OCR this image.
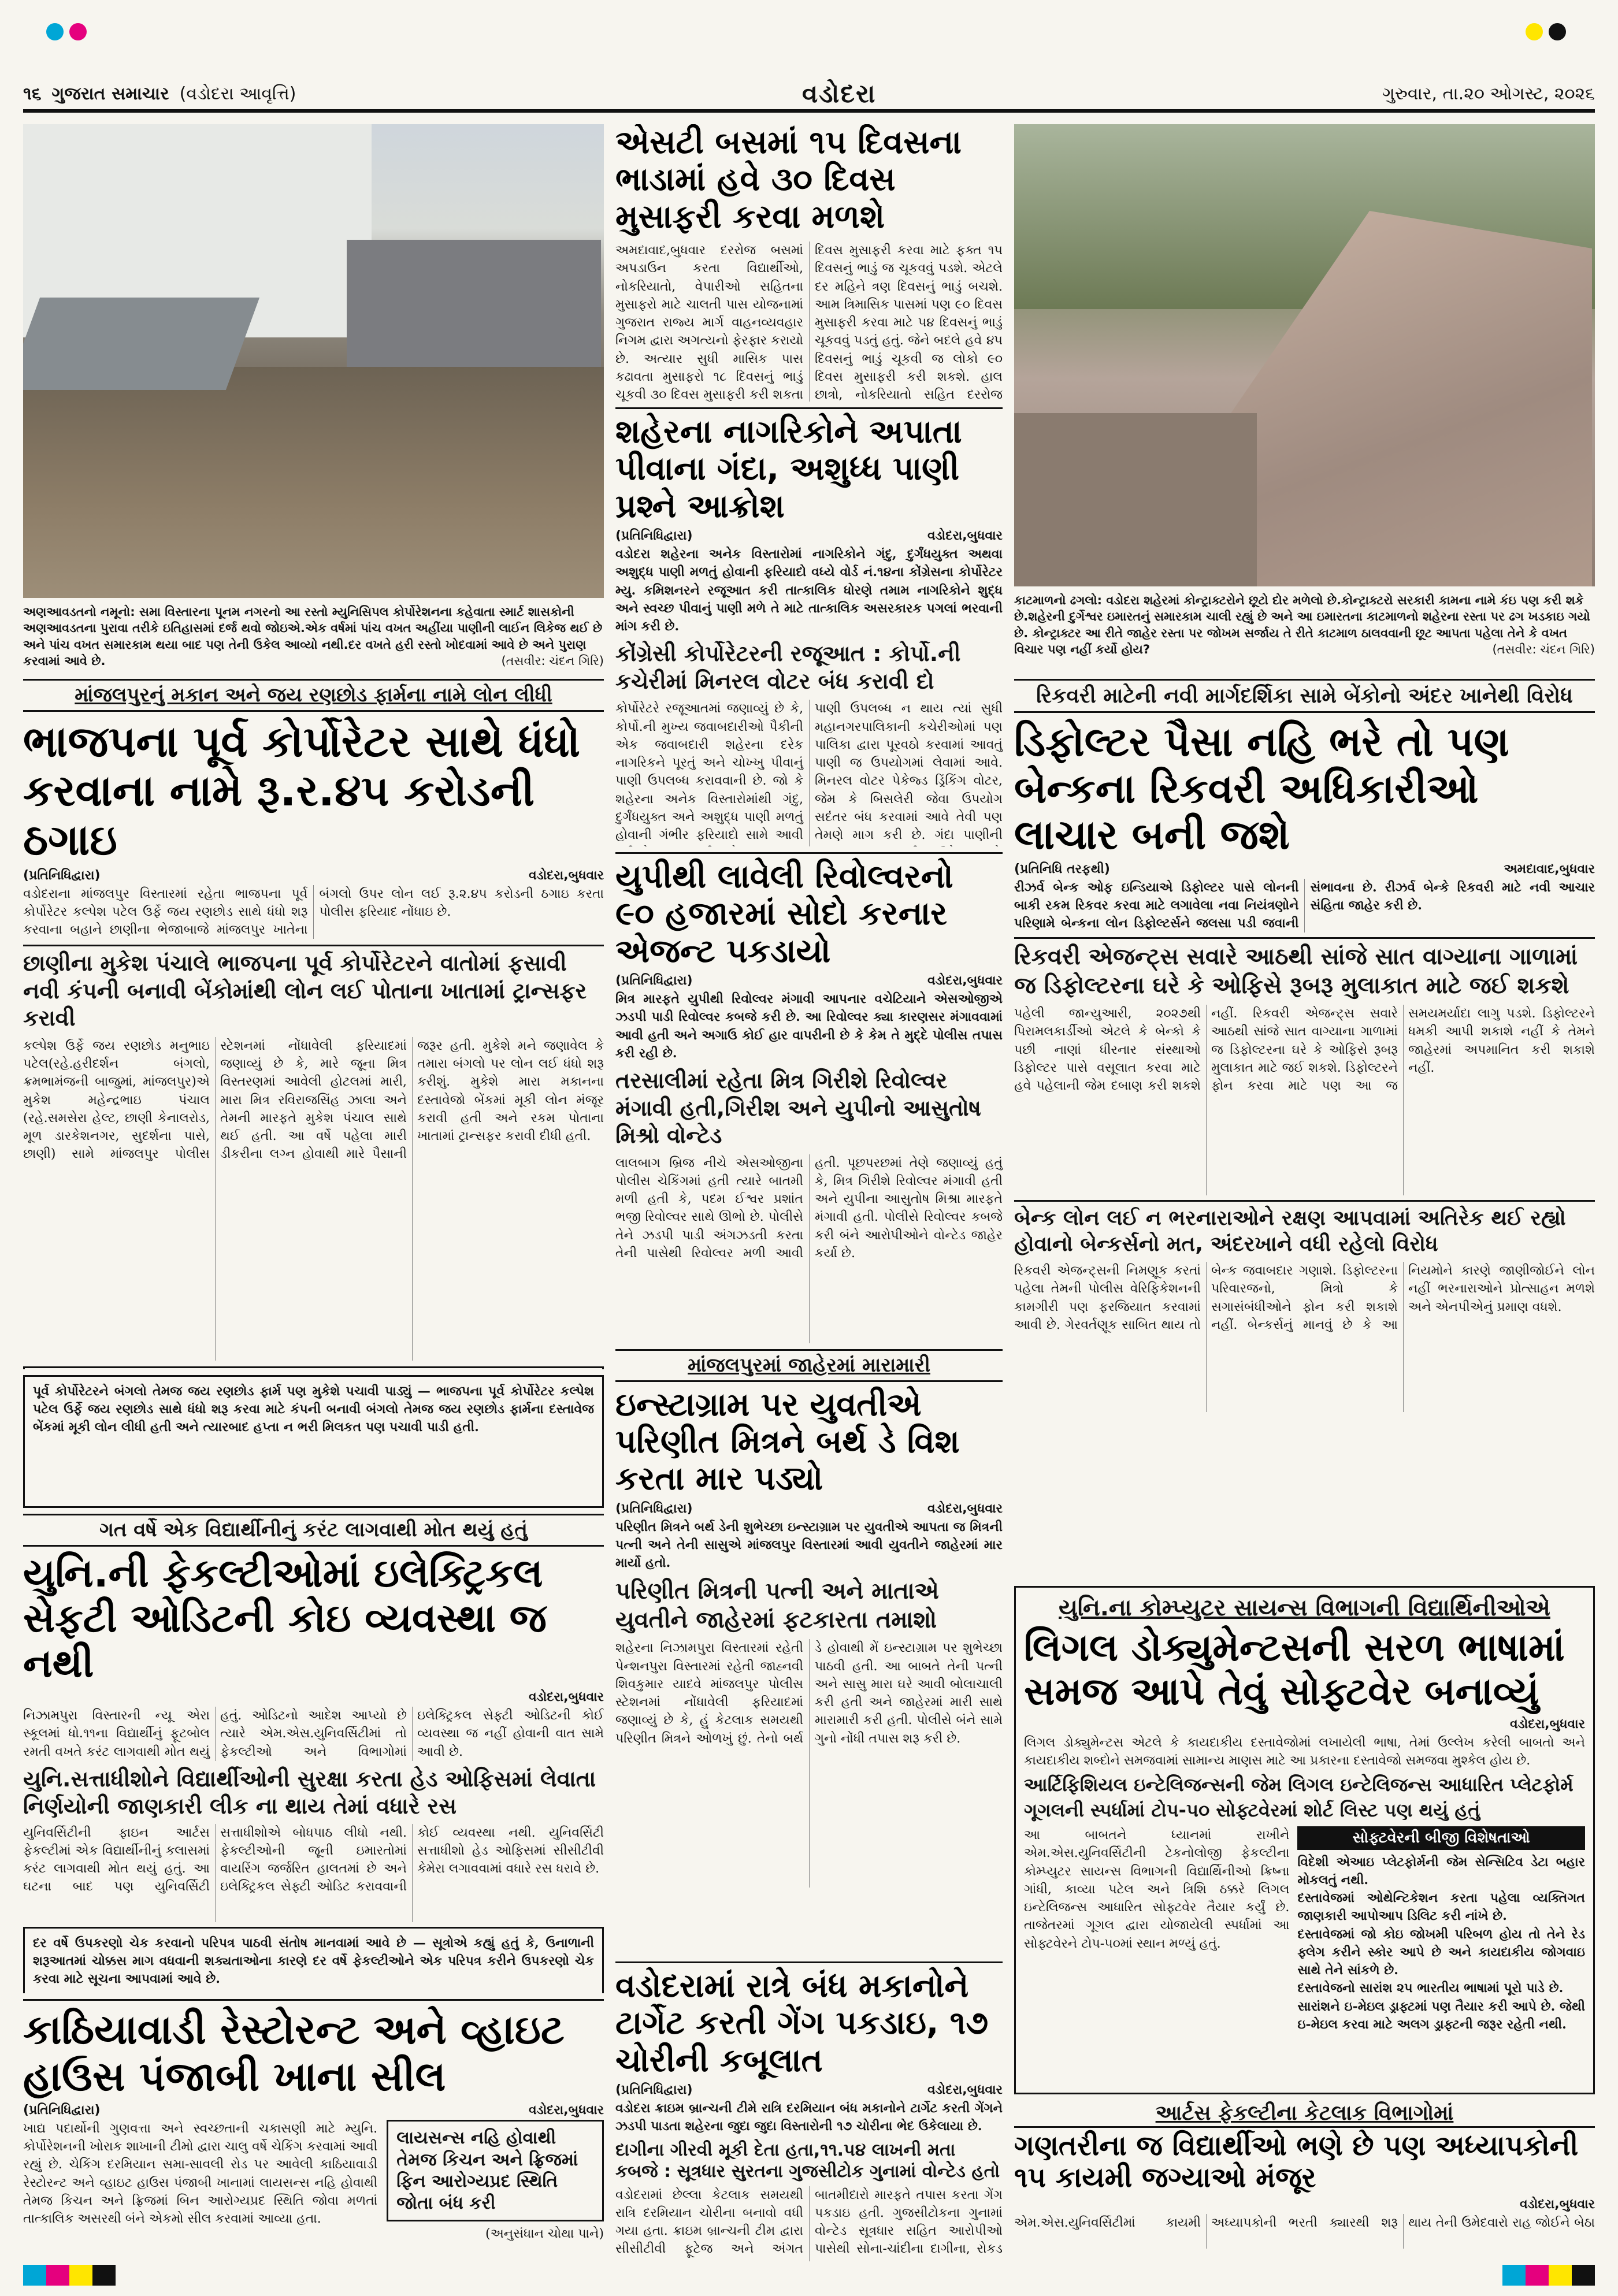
૧૬ ગુજરાત સમાચાર (વડોદરા આવૃત્તિ)	વડોદરા	ગુરુવાર, તા.૨૦ ઓગસ્ટ, ૨૦૨૬
અણઆવડતનો નમૂનો: સમા વિસ્તારના પૂનમ નગરનો આ રસ્તો મ્યુનિસિપલ કોર્પોરેશનના કહેવાતા સ્માર્ટ શાસકોની અણઆવડતના પુરાવા તરીકે ઇતિહાસમાં દર્જ થવો જોઇએ.એક વર્ષમાં પાંચ વખત અહીંયા પાણીની લાઈન લિકેજ થઈ છે અને પાંચ વખત સમારકામ થયા બાદ પણ તેની ઉકેલ આવ્યો નથી.દર વખતે હરી રસ્તો ખોદવામાં આવે છે અને પુરાણ કરવામાં આવે છે.	(તસવીર: ચંદન ગિરિ)
માંજલપુરનું મકાન અને જય રણછોડ ફાર્મના નામે લોન લીધી
ભાજપના પૂર્વ કોર્પોરેટર સાથે ધંધો કરવાના નામે રૂ.ર.૪૫ કરોડની ઠગાઇ
(પ્રતિનિધિદ્વારા)	વડોદરા,બુધવાર
વડોદરાના માંજલપુર વિસ્તારમાં રહેતા ભાજપના પૂર્વ કોર્પોરેટર કલ્પેશ પટેલ ઉર્ફે જય રણછોડ સાથે ધંધો શરૂ કરવાના બહાને છાણીના ભેજાબાજે માંજલપુર ખાતેના બંગલો ઉપર લોન લઈ રૂ.૨.૪૫ કરોડની ઠગાઇ કરતા પોલીસ ફરિયાદ નોંધાઇ છે.
છાણીના મુકેશ પંચાલે ભાજપના પૂર્વ કોર્પોરેટરને વાતોમાં ફસાવી નવી કંપની બનાવી બેંકોમાંથી લોન લઈ પોતાના ખાતામાં ટ્રાન્સફર કરાવી
કલ્પેશ ઉર્ફે જય રણછોડ મનુભાઇ પટેલ(રહે.હરીદર્શન બંગલો, ક્રમભામંજની બાજુમાં, માંજલપુર)એ મુકેશ મહેન્દ્રભાઇ પંચાલ (રહે.સમસેરા હેલ્ટ, છાણી કેનાલરોડ, મૂળ ડારકેશનગર, સુદર્શના પાસે, છાણી) સામે માંજલપુર પોલીસ સ્ટેશનમાં નોંધાવેલી ફરિયાદમાં જણાવ્યું છે કે, મારે જૂના મિત્ર વિસ્તરણમાં આવેલી હોટલમાં મારી, મારા મિત્ર રવિરાજસિંહ ઝાલા અને તેમની મારફતે મુકેશ પંચાલ સાથે થઈ હતી. આ વર્ષે પહેલા મારી ડીકરીના લગ્ન હોવાથી મારે પૈસાની જરૂર હતી. મુકેશે મને જણાવેલ કે તમારા બંગલો પર લોન લઈ ધંધો શરૂ કરીશું. મુકેશે મારા મકાનના દસ્તાવેજો બેંકમાં મૂકી લોન મંજૂર કરાવી હતી અને રકમ પોતાના ખાતામાં ટ્રાન્સફર કરાવી દીધી હતી.
પૂર્વ કોર્પોરેટરને બંગલો તેમજ જય રણછોડ ફાર્મ પણ મુકેશે પચાવી પાડ્યું — ભાજપના પૂર્વ કોર્પોરેટર કલ્પેશ પટેલ ઉર્ફે જય રણછોડ સાથે ધંધો શરૂ કરવા માટે કંપની બનાવી બંગલો તેમજ જય રણછોડ ફાર્મના દસ્તાવેજ બેંકમાં મૂકી લોન લીધી હતી અને ત્યારબાદ હપ્તા ન ભરી મિલકત પણ પચાવી પાડી હતી.
ગત વર્ષે એક વિદ્યાર્થીનીનું કરંટ લાગવાથી મોત થયું હતું
યુનિ.ની ફેકલ્ટીઓમાં ઇલેક્ટ્રિકલ સેફટી ઓડિટની કોઇ વ્યવસ્થા જ નથી
વડોદરા,બુધવાર
નિઝામપુરા વિસ્તારની ન્યૂ એરા સ્કૂલમાં ધો.૧૧ના વિદ્યાર્થીનું ફૂટબોલ રમતી વખતે કરંટ લાગવાથી મોત થયું હતું. ઓડિટનો આદેશ આપ્યો છે ત્યારે એમ.એસ.યુનિવર્સિટીમાં તો ફેકલ્ટીઓ અને વિભાગોમાં ઇલેક્ટ્રિકલ સેફ્ટી ઓડિટની કોઈ વ્યવસ્થા જ નહીં હોવાની વાત સામે આવી છે.
યુનિ.સત્તાધીશોને વિદ્યાર્થીઓની સુરક્ષા કરતા હેડ ઓફિસમાં લેવાતા નિર્ણયોની જાણકારી લીક ના થાય તેમાં વધારે રસ
યુનિવર્સિટીની ફાઇન આર્ટસ ફેકલ્ટીમાં એક વિદ્યાર્થીનીનું કલાસમાં કરંટ લાગવાથી મોત થયું હતું. આ ઘટના બાદ પણ યુનિવર્સિટી સત્તાધીશોએ બોધપાઠ લીધો નથી. ફેકલ્ટીઓની જૂની ઇમારતોમાં વાયરિંગ જર્જરિત હાલતમાં છે અને ઇલેક્ટ્રિકલ સેફ્ટી ઓડિટ કરાવવાની કોઈ વ્યવસ્થા નથી. યુનિવર્સિટી સત્તાધીશો હેડ ઓફિસમાં સીસીટીવી કેમેરા લગાવવામાં વધારે રસ ધરાવે છે.
દર વર્ષે ઉપકરણો ચેક કરવાનો પરિપત્ર પાઠવી સંતોષ માનવામાં આવે છે — સૂત્રોએ કહ્યું હતું કે, ઉનાળાની શરૂઆતમાં ચોક્કસ માગ વધવાની શક્યતાઓના કારણે દર વર્ષે ફેકલ્ટીઓને એક પરિપત્ર કરીને ઉપકરણો ચેક કરવા માટે સૂચના આપવામાં આવે છે.
કાઠિયાવાડી રેસ્ટોરન્ટ અને વ્હાઇટ હાઉસ પંજાબી ખાના સીલ
(પ્રતિનિધિદ્વારા)	વડોદરા,બુધવાર
ખાદ્ય પદાર્થોની ગુણવત્તા અને સ્વચ્છતાની ચકાસણી માટે મ્યુનિ. કોર્પોરેશનની ખોરાક શાખાની ટીમો દ્વારા ચાલુ વર્ષે ચેકિંગ કરવામાં આવી રહ્યું છે. ચેકિંગ દરમિયાન સમા-સાવલી રોડ પર આવેલી કાઠિયાવાડી રેસ્ટોરન્ટ અને વ્હાઇટ હાઉસ પંજાબી ખાનામાં લાયસન્સ નહિ હોવાથી તેમજ કિચન અને ફ્રિજમાં બિન આરોગ્યપ્રદ સ્થિતિ જોવા મળતાં તાત્કાલિક અસરથી બંને એકમો સીલ કરવામાં આવ્યા હતા.
લાયસન્સ નહિ હોવાથી તેમજ કિચન અને ફ્રિજમાં ફિન આરોગ્યપ્રદ સ્થિતિ જોતા બંધ કરી
(અનુસંધાન ચોથા પાને)
એસટી બસમાં ૧૫ દિવસના ભાડામાં હવે ૩૦ દિવસ મુસાફરી કરવા મળશે
અમદાવાદ,બુધવાર દરરોજ બસમાં અપડાઉન કરતા વિદ્યાર્થીઓ, નોકરિયાતો, વેપારીઓ સહિતના મુસાફરો માટે ચાલતી પાસ યોજનામાં ગુજરાત રાજ્ય માર્ગ વાહનવ્યવહાર નિગમ દ્વારા અગત્યનો ફેરફાર કરાયો છે. અત્યાર સુધી માસિક પાસ કઢાવતા મુસાફરો ૧૮ દિવસનું ભાડું ચૂકવી ૩૦ દિવસ મુસાફરી કરી શકતા દિવસ મુસાફરી કરવા માટે ફક્ત ૧૫ દિવસનું ભાડું જ ચૂકવવું પડશે. એટલે દર મહિને ત્રણ દિવસનું ભાડું બચશે. આમ ત્રિમાસિક પાસમાં પણ ૯૦ દિવસ મુસાફરી કરવા માટે ૫૪ દિવસનું ભાડું ચૂકવવું પડતું હતું. જેને બદલે હવે ૪૫ દિવસનું ભાડું ચૂકવી જ લોકો ૯૦ દિવસ મુસાફરી કરી શકશે. હાલ છાત્રો, નોકરિયાતો સહિત દરરોજ
શહેરના નાગરિકોને અપાતા પીવાના ગંદા, અશુધ્ધ પાણી પ્રશ્ને આક્રોશ
(પ્રતિનિધિદ્વારા)	વડોદરા,બુધવાર
વડોદરા શહેરના અનેક વિસ્તારોમાં નાગરિકોને ગંદુ, દુર્ગંધયુક્ત અથવા અશુદ્ધ પાણી મળતું હોવાની ફરિયાદો વધ્યે વોર્ડ નં.૧૪ના કોંગ્રેસના કોર્પોરેટર મ્યુ. કમિશનરને રજૂઆત કરી તાત્કાલિક ધોરણે તમામ નાગરિકોને શુદ્ધ અને સ્વચ્છ પીવાનું પાણી મળે તે માટે તાત્કાલિક અસરકારક પગલાં ભરવાની માંગ કરી છે.
કોંગ્રેસી કોર્પોરેટરની રજૂઆત : કોર્પો.ની કચેરીમાં મિનરલ વોટર બંધ કરાવી દો
કોર્પોરેટરે રજૂઆતમાં જણાવ્યું છે કે, કોર્પો.ની મુખ્ય જવાબદારીઓ પૈકીની એક જવાબદારી શહેરના દરેક નાગરિકને પૂરતું અને ચોખ્ખુ પીવાનું પાણી ઉપલબ્ધ કરાવવાની છે. જો કે શહેરના અનેક વિસ્તારોમાંથી ગંદુ, દુર્ગંધયુક્ત અને અશુદ્ધ પાણી મળતું હોવાની ગંભીર ફરિયાદો સામે આવી પાણી ઉપલબ્ધ ન થાય ત્યાં સુધી મહાનગરપાલિકાની કચેરીઓમાં પણ પાલિકા દ્વારા પૂરવઠો કરવામાં આવતું પાણી જ ઉપયોગમાં લેવામાં આવે. મિનરલ વોટર પેકેજ્ડ ડ્રિંકિંગ વોટર, જેમ કે બિસલેરી જેવા ઉપયોગ સદંતર બંધ કરવામાં આવે તેવી પણ તેમણે માગ કરી છે. ગંદા પાણીની
યુપીથી લાવેલી રિવોલ્વરનો ૯૦ હજારમાં સોદો કરનાર એજન્ટ પકડાયો
(પ્રતિનિધિદ્વારા)	વડોદરા,બુધવાર
મિત્ર મારફતે યુપીથી રિવોલ્વર મંગાવી આપનાર વચેટિયાને એસઓજીએ ઝડપી પાડી રિવોલ્વર કબજે કરી છે. આ રિવોલ્વર ક્યા કારણસર મંગાવવામાં આવી હતી અને અગાઉ કોઈ હાર વાપરીની છે કે કેમ તે મુદ્દે પોલીસ તપાસ કરી રહી છે.
તરસાલીમાં રહેતા મિત્ર ગિરીશે રિવોલ્વર મંગાવી હતી,ગિરીશ અને યુપીનો આસુતોષ મિશ્રો વોન્ટેડ
લાલબાગ બ્રિજ નીચે એસઓજીના પોલીસ ચેકિંગમાં હતી ત્યારે બાતમી મળી હતી કે, પદમ ઈશ્વર પ્રશાંત ભજી રિવોલ્વર સાથે ઊભો છે. પોલીસે તેને ઝડપી પાડી અંગઝડતી કરતા તેની પાસેથી રિવોલ્વર મળી આવી હતી. પૂછપરછમાં તેણે જણાવ્યું હતું કે, મિત્ર ગિરીશે રિવોલ્વર મંગાવી હતી અને યુપીના આસુતોષ મિશ્રા મારફતે મંગાવી હતી. પોલીસે રિવોલ્વર કબજે કરી બંને આરોપીઓને વોન્ટેડ જાહેર કર્યા છે.
માંજલપુરમાં જાહેરમાં મારામારી
ઇન્સ્ટાગ્રામ પર યુવતીએ પરિણીત મિત્રને બર્થ ડે વિશ કરતા માર પડ્યો
(પ્રતિનિધિદ્વારા)	વડોદરા,બુધવાર
પરિણીત મિત્રને બર્થ ડેની શુભેચ્છા ઇન્સ્ટાગ્રામ પર યુવતીએ આપતા જ મિત્રની પત્ની અને તેની સાસુએ માંજલપુર વિસ્તારમાં આવી યુવતીને જાહેરમાં માર માર્યો હતો.
પરિણીત મિત્રની પત્ની અને માતાએ યુવતીને જાહેરમાં ફટકારતા તમાશો
શહેરના નિઝામપુરા વિસ્તારમાં રહેતી પેન્શનપુરા વિસ્તારમાં રહેતી જાહ્નવી શિવકુમાર યાદવે માંજલપુર પોલીસ સ્ટેશનમાં નોંધાવેલી ફરિયાદમાં જણાવ્યું છે કે, હું કેટલાક સમયથી પરિણીત મિત્રને ઓળખું છું. તેનો બર્થ ડે હોવાથી મેં ઇન્સ્ટાગ્રામ પર શુભેચ્છા પાઠવી હતી. આ બાબતે તેની પત્ની અને સાસુ મારા ઘરે આવી બોલાચાલી કરી હતી અને જાહેરમાં મારી સાથે મારામારી કરી હતી. પોલીસે બંને સામે ગુનો નોંધી તપાસ શરૂ કરી છે.
વડોદરામાં રાત્રે બંધ મકાનોને ટાર્ગેટ કરતી ગેંગ પકડાઇ, ૧૭ ચોરીની કબૂલાત
(પ્રતિનિધિદ્વારા)	વડોદરા,બુધવાર
વડોદરા ક્રાઇમ બ્રાન્ચની ટીમે રાત્રિ દરમિયાન બંધ મકાનોને ટાર્ગેટ કરતી ગેંગને ઝડપી પાડતા શહેરના જુદા જુદા વિસ્તારોની ૧૭ ચોરીના ભેદ ઉકેલાયા છે.
દાગીના ગીરવી મૂકી દેતા હતા,૧૧.૫૪ લાખની મતા કબજે : સૂત્રધાર સુરતના ગુજસીટોક ગુનામાં વોન્ટેડ હતો
વડોદરામાં છેલ્લા કેટલાક સમયથી રાત્રિ દરમિયાન ચોરીના બનાવો વધી ગયા હતા. ક્રાઇમ બ્રાન્ચની ટીમ દ્વારા સીસીટીવી ફૂટેજ અને અંગત બાતમીદારો મારફતે તપાસ કરતા ગેંગ પકડાઇ હતી. ગુજસીટોકના ગુનામાં વોન્ટેડ સૂત્રધાર સહિત આરોપીઓ પાસેથી સોના-ચાંદીના દાગીના, રોકડ
કાટમાળનો ઢગલો: વડોદરા શહેરમાં કોન્ટ્રાક્ટરોને છૂટો દોર મળેલો છે.કોન્ટ્રાક્ટરો સરકારી કામના નામે કંઇ પણ કરી શકે છે.શહેરની દુર્ગેશ્વર ઇમારતનું સમારકામ ચાલી રહ્યું છે અને આ ઇમારતના કાટમાળનો શહેરના રસ્તા પર ઢગ ખડકાઇ ગયો છે. કોન્ટ્રાક્ટર આ રીતે જાહેર રસ્તા પર જોખમ સર્જાય તે રીતે કાટમાળ ઠાલવવાની છૂટ આપતા પહેલા તેને કે વખત વિચાર પણ નહીં કર્યો હોય?	(તસવીર: ચંદન ગિરિ)
રિકવરી માટેની નવી માર્ગદર્શિકા સામે બેંકોનો અંદર ખાનેથી વિરોધ
ડિફોલ્ટર પૈસા નહિ ભરે તો પણ બેન્કના રિકવરી અધિકારીઓ લાચાર બની જશે
(પ્રતિનિધિ તરફથી)	અમદાવાદ,બુધવાર
રીઝર્વ બેન્ક ઓફ ઇન્ડિયાએ ડિફોલ્ટર પાસે લોનની બાકી રકમ રિકવર કરવા માટે લગાવેલા નવા નિયંત્રણોને પરિણામે બેન્કના લોન ડિફોલ્ટર્સને જલસા પડી જવાની સંભાવના છે. રીઝર્વ બેન્કે રિકવરી માટે નવી આચાર સંહિતા જાહેર કરી છે.
રિકવરી એજન્ટ્સ સવારે આઠથી સાંજે સાત વાગ્યાના ગાળામાં જ ડિફોલ્ટરના ઘરે કે ઓફિસે રૂબરૂ મુલાકાત માટે જઈ શકશે
પહેલી જાન્યુઆરી, ૨૦૨૭થી પિરામલકાર્ડીઓ એટલે કે બેન્કો કે પછી નાણાં ધીરનાર સંસ્થાઓ ડિફોલ્ટર પાસે વસૂલાત કરવા માટે હવે પહેલાની જેમ દબાણ કરી શકશે નહીં. રિકવરી એજન્ટ્સ સવારે આઠથી સાંજે સાત વાગ્યાના ગાળામાં જ ડિફોલ્ટરના ઘરે કે ઓફિસે રૂબરૂ મુલાકાત માટે જઈ શકશે. ડિફોલ્ટરને ફોન કરવા માટે પણ આ જ સમયમર્યાદા લાગુ પડશે. ડિફોલ્ટરને ધમકી આપી શકાશે નહીં કે તેમને જાહેરમાં અપમાનિત કરી શકાશે નહીં.
બેન્ક લોન લઈ ન ભરનારાઓને રક્ષણ આપવામાં અતિરેક થઈ રહ્યો હોવાનો બેન્કર્સનો મત, અંદરખાને વધી રહેલો વિરોધ
રિકવરી એજન્ટ્સની નિમણૂક કરતાં પહેલા તેમની પોલીસ વેરિફિકેશનની કામગીરી પણ ફરજિયાત કરવામાં આવી છે. ગેરવર્તણૂક સાબિત થાય તો બેન્ક જવાબદાર ગણાશે. ડિફોલ્ટરના પરિવારજનો, મિત્રો કે સગાસંબંધીઓને ફોન કરી શકાશે નહીં. બેન્કર્સનું માનવું છે કે આ નિયમોને કારણે જાણીજોઈને લોન નહીં ભરનારાઓને પ્રોત્સાહન મળશે અને એનપીએનું પ્રમાણ વધશે.
યુનિ.ના કોમ્પ્યુટર સાયન્સ વિભાગની વિદ્યાર્થિનીઓએ
લિગલ ડોક્યુમેન્ટસની સરળ ભાષામાં સમજ આપે તેવું સોફ્ટવેર બનાવ્યું
વડોદરા,બુધવાર
લિગલ ડોક્યુમેન્ટસ એટલે કે કાયદાકીય દસ્તાવેજોમાં લખાયેલી ભાષા, તેમાં ઉલ્લેખ કરેલી બાબતો અને કાયદાકીય શબ્દોને સમજવામાં સામાન્ય માણસ માટે આ પ્રકારના દસ્તાવેજો સમજવા મુશ્કેલ હોય છે.
આર્ટિફિશિયલ ઇન્ટેલિજન્સની જેમ લિગલ ઇન્ટેલિજન્સ આધારિત પ્લેટફોર્મ
ગૂગલની સ્પર્ધામાં ટોપ-૫૦ સોફ્ટવેરમાં શોર્ટ લિસ્ટ પણ થયું હતું
આ બાબતને ધ્યાનમાં રાખીને એમ.એસ.યુનિવર્સિટીની ટેકનોલોજી ફેકલ્ટીના કોમ્પ્યુટર સાયન્સ વિભાગની વિદ્યાર્થિનીઓ ક્રિષ્ના ગાંધી, કાવ્યા પટેલ અને ત્રિશિ ઠક્કરે લિગલ ઇન્ટેલિજન્સ આધારિત સોફ્ટવેર તૈયાર કર્યું છે. તાજેતરમાં ગૂગલ દ્વારા યોજાયેલી સ્પર્ધામાં આ સોફ્ટવેરને ટોપ-૫૦માં સ્થાન મળ્યું હતું.
સોફ્ટવેરની બીજી વિશેષતાઓ
વિદેશી એઆઇ પ્લેટફોર્મની જેમ સેન્સિટિવ ડેટા બહાર મોકલતું નથી.
દસ્તાવેજમાં ઓથેન્ટિકેશન કરતા પહેલા વ્યક્તિગત જાણકારી આપોઆપ ડિલિટ કરી નાંખે છે.
દસ્તાવેજમાં જો કોઇ જોખમી પરિબળ હોય તો તેને રેડ ફ્લેગ કરીને સ્કોર આપે છે અને કાયદાકીય જોગવાઇ સાથે તેને સાંકળે છે.
દસ્તાવેજનો સારાંશ ૨૫ ભારતીય ભાષામાં પૂરો પાડે છે.
સારાંશને ઇ-મેઇલ ડ્રાફ્ટમાં પણ તૈયાર કરી આપે છે. જેથી ઇ-મેઇલ કરવા માટે અલગ ડ્રાફ્ટની જરૂર રહેતી નથી.
આર્ટસ ફેકલ્ટીના કેટલાક વિભાગોમાં
ગણતરીના જ વિદ્યાર્થીઓ ભણે છે પણ અધ્યાપકોની ૧૫ કાયમી જગ્યાઓ મંજૂર
વડોદરા,બુધવાર
એમ.એસ.યુનિવર્સિટીમાં કાયમી અધ્યાપકોની ભરતી ક્યારથી શરૂ થાય તેની ઉમેદવારો રાહ જોઈને બેઠા
